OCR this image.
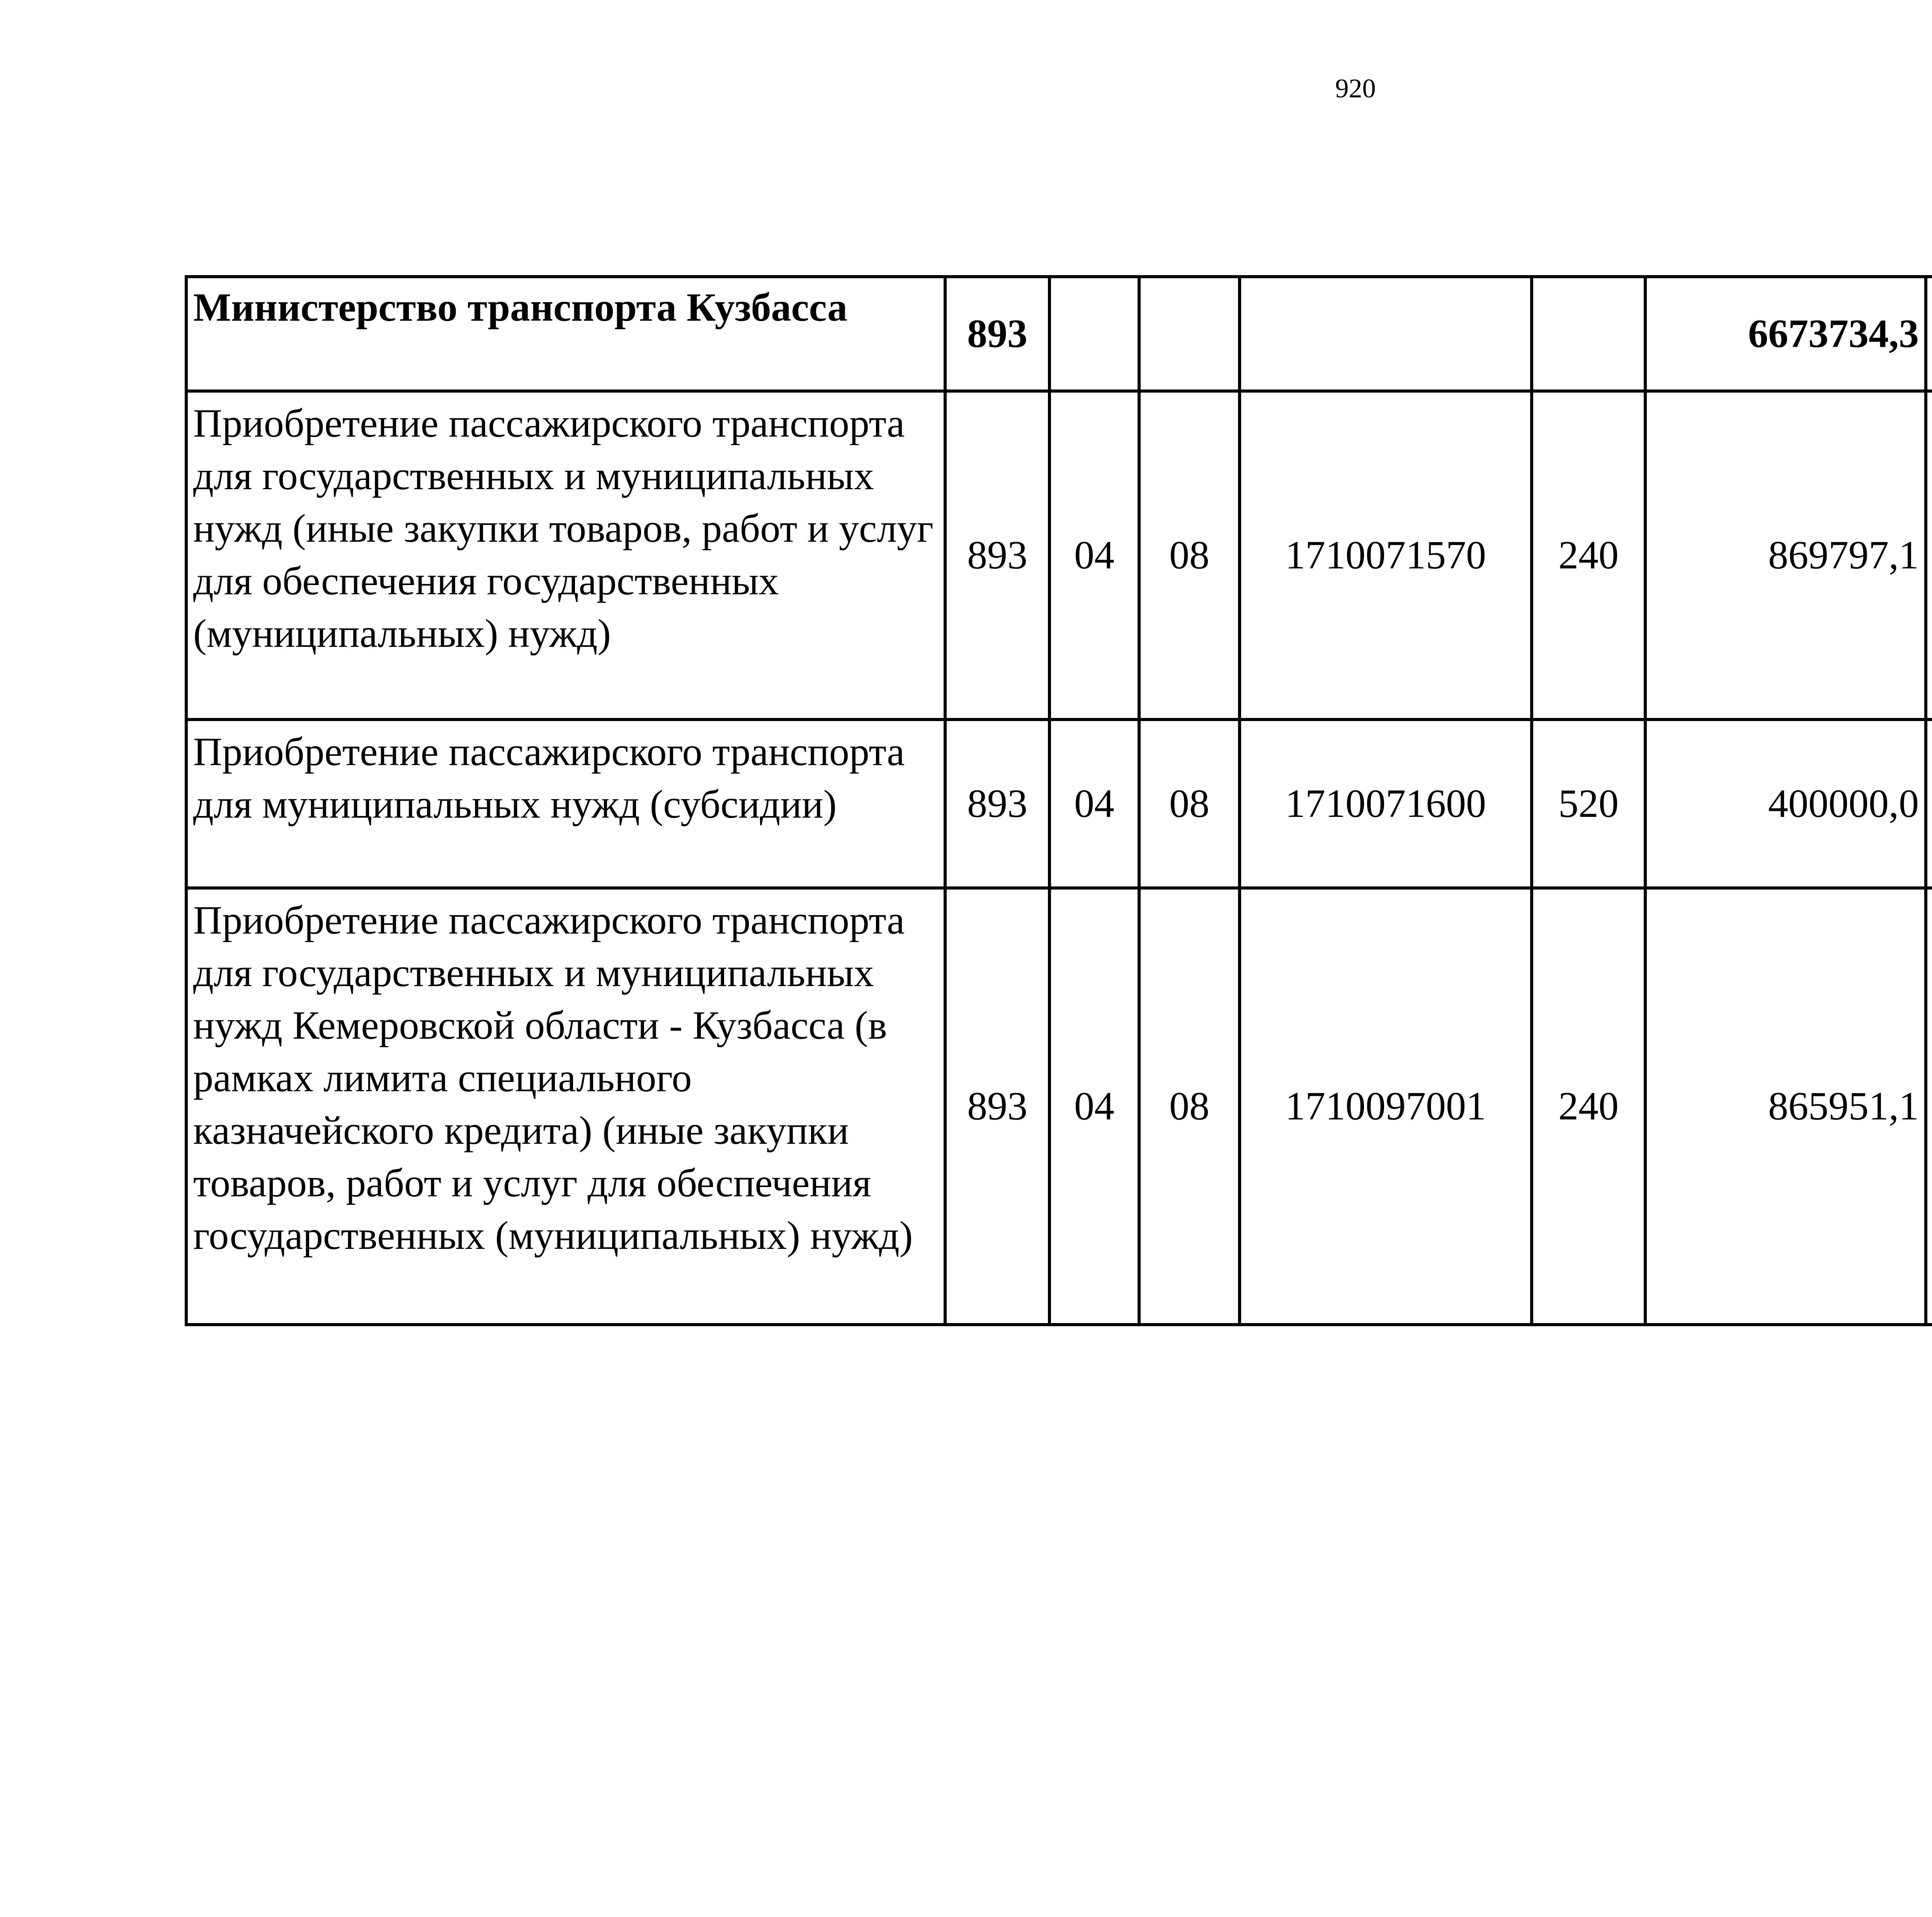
920
Министерство транспорта Кузбасса	893					6673734,3		
Приобретение пассажирского транспорта для государственных и муниципальных нужд (иные закупки товаров, работ и услуг для обеспечения государственных (муниципальных) нужд)	893	04	08	1710071570	240	869797,1		
Приобретение пассажирского транспорта для муниципальных нужд (субсидии)	893	04	08	1710071600	520	400000,0		
Приобретение пассажирского транспорта для государственных и муниципальных нужд Кемеровской области - Кузбасса (в рамках лимита специального казначейского кредита) (иные закупки товаров, работ и услуг для обеспечения государственных (муниципальных) нужд)	893	04	08	1710097001	240	865951,1		
